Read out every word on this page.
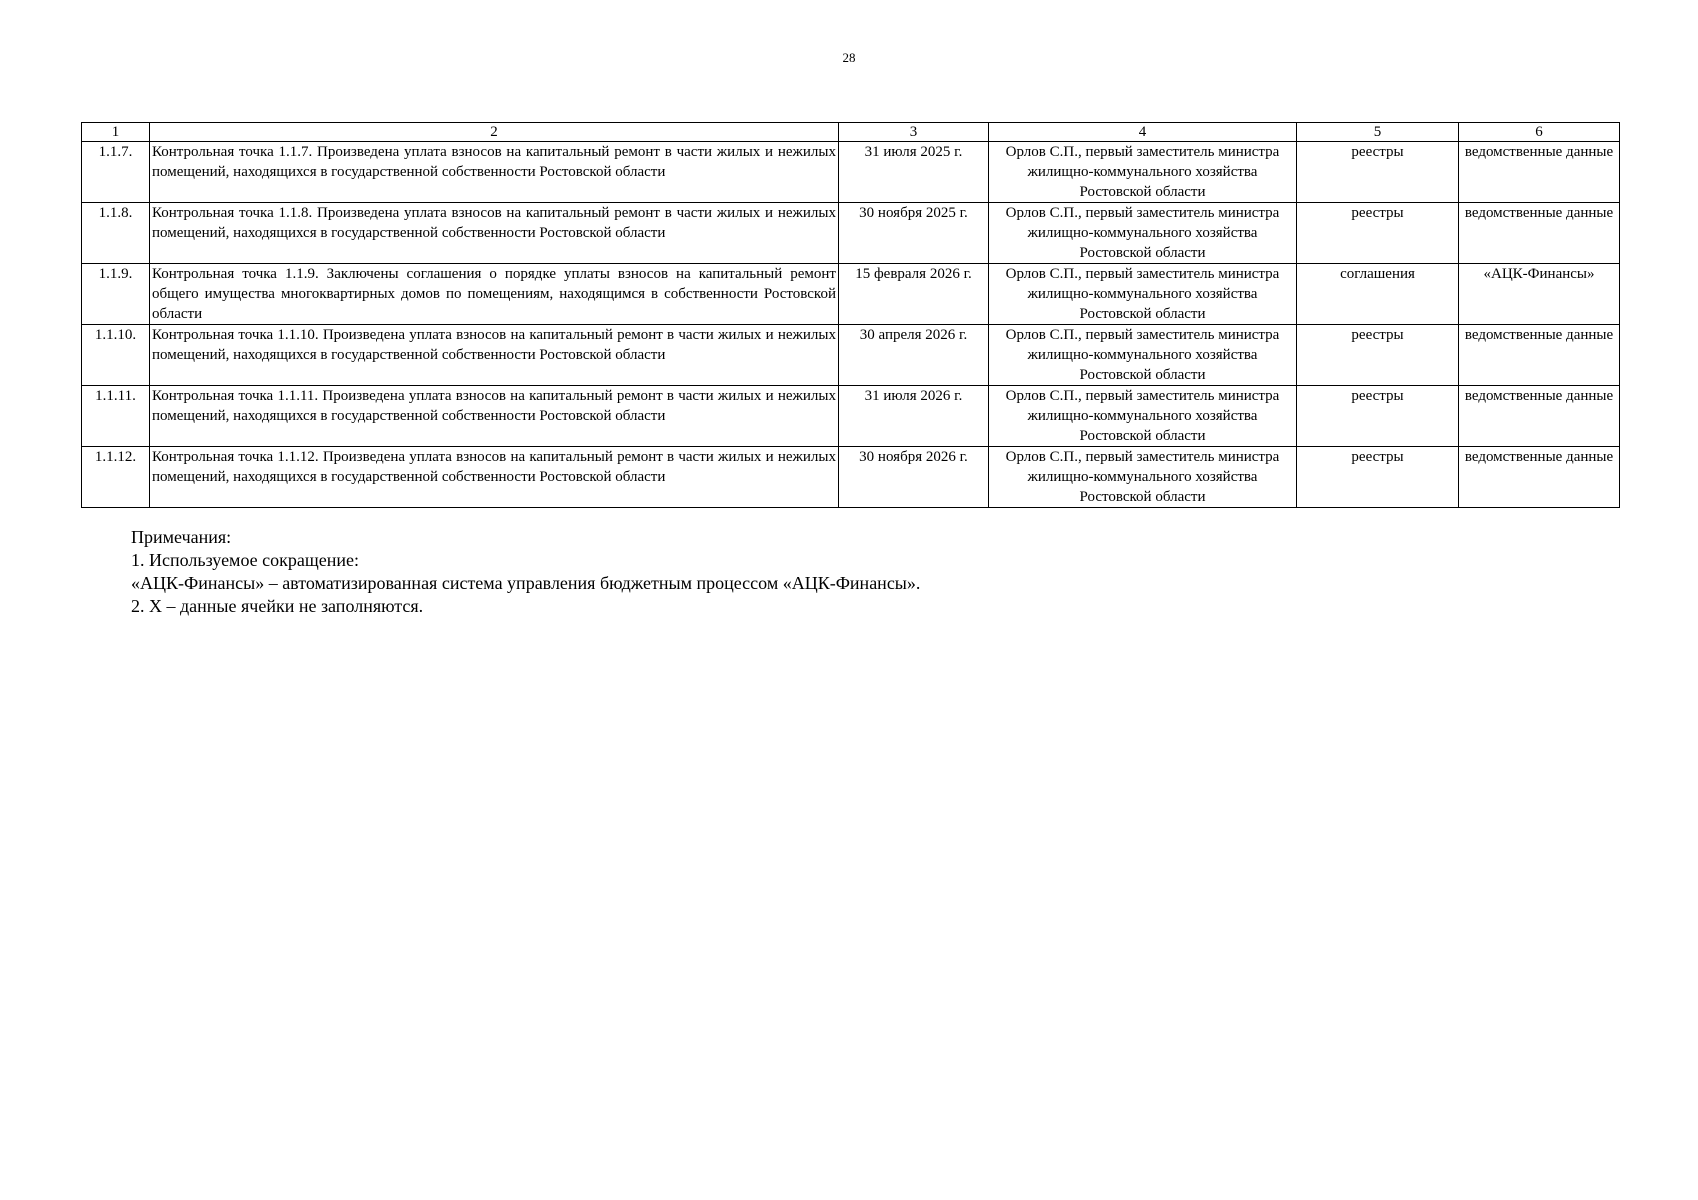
28
1	2	3	4	5	6
1.1.7.	Контрольная точка 1.1.7. Произведена уплата взносов на капитальный ремонт в части жилых и нежилых помещений, находящихся в государственной собственности Ростовской области	31 июля 2025 г.	Орлов С.П., первый заместитель министра жилищно-коммунального хозяйства Ростовской области	реестры	ведомственные данные
1.1.8.	Контрольная точка 1.1.8. Произведена уплата взносов на капитальный ремонт в части жилых и нежилых помещений, находящихся в государственной собственности Ростовской области	30 ноября 2025 г.	Орлов С.П., первый заместитель министра жилищно-коммунального хозяйства Ростовской области	реестры	ведомственные данные
1.1.9.	Контрольная точка 1.1.9. Заключены соглашения о порядке уплаты взносов на капитальный ремонт общего имущества многоквартирных домов по помещениям, находящимся в собственности Ростовской области	15 февраля 2026 г.	Орлов С.П., первый заместитель министра жилищно-коммунального хозяйства Ростовской области	соглашения	«АЦК-Финансы»
1.1.10.	Контрольная точка 1.1.10. Произведена уплата взносов на капитальный ремонт в части жилых и нежилых помещений, находящихся в государственной собственности Ростовской области	30 апреля 2026 г.	Орлов С.П., первый заместитель министра жилищно-коммунального хозяйства Ростовской области	реестры	ведомственные данные
1.1.11.	Контрольная точка 1.1.11. Произведена уплата взносов на капитальный ремонт в части жилых и нежилых помещений, находящихся в государственной собственности Ростовской области	31 июля 2026 г.	Орлов С.П., первый заместитель министра жилищно-коммунального хозяйства Ростовской области	реестры	ведомственные данные
1.1.12.	Контрольная точка 1.1.12. Произведена уплата взносов на капитальный ремонт в части жилых и нежилых помещений, находящихся в государственной собственности Ростовской области	30 ноября 2026 г.	Орлов С.П., первый заместитель министра жилищно-коммунального хозяйства Ростовской области	реестры	ведомственные данные
Примечания:
1. Используемое сокращение:
«АЦК-Финансы» – автоматизированная система управления бюджетным процессом «АЦК-Финансы».
2. Х – данные ячейки не заполняются.
